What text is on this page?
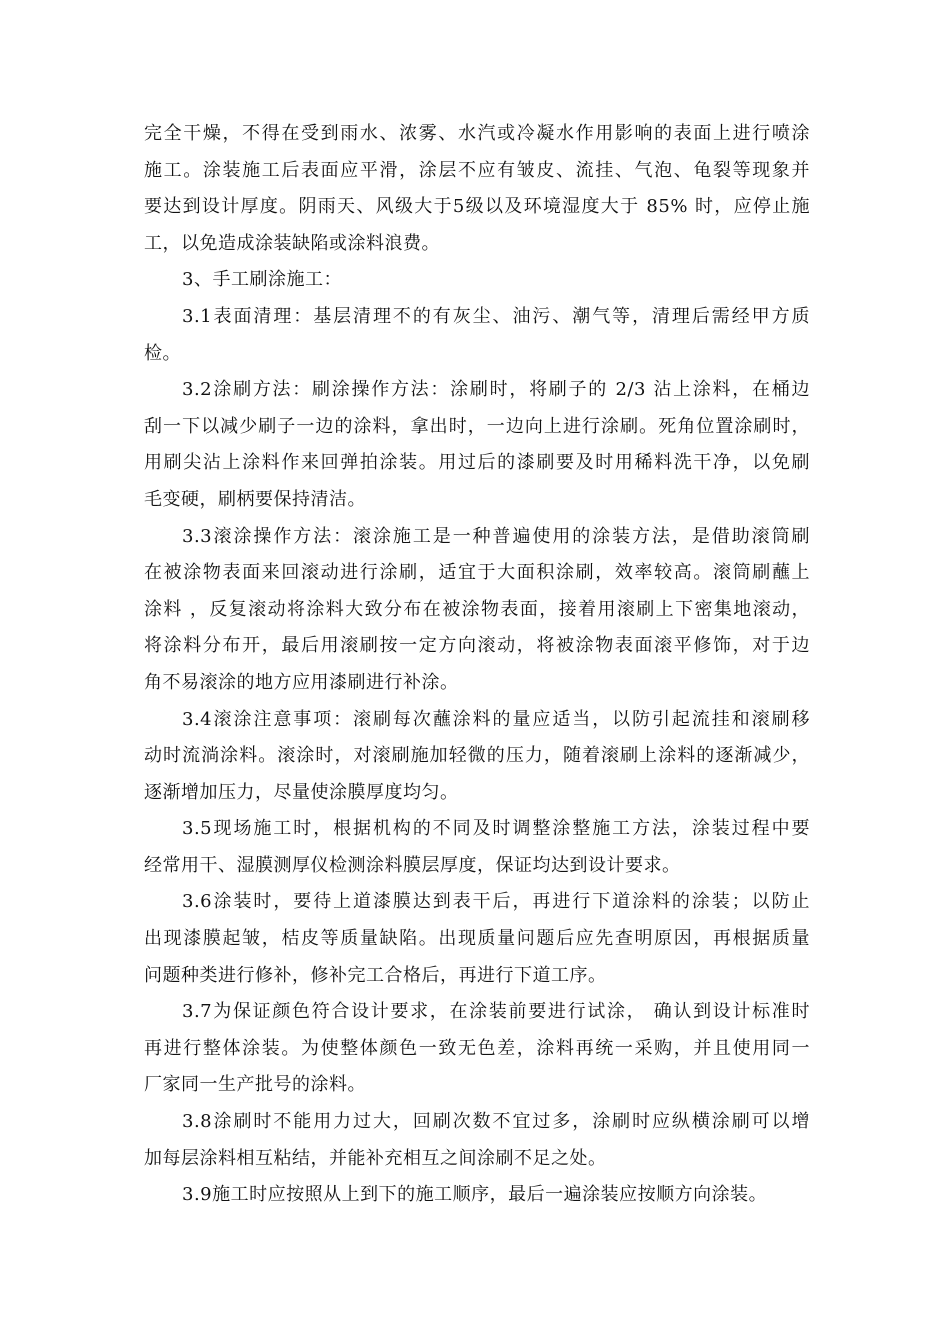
完全干燥，不得在受到雨水、浓雾、水汽或冷凝水作用影响的表面上进行喷涂
施工。涂装施工后表面应平滑，涂层不应有皱皮、流挂、气泡、龟裂等现象并
要达到设计厚度。阴雨天、风级大于5级以及环境湿度大于 85% 时，应停止施
工，以免造成涂装缺陷或涂料浪费。
3、手工刷涂施工：
3.1表面清理：基层清理不的有灰尘、油污、潮气等，清理后需经甲方质
检。
3.2涂刷方法：刷涂操作方法：涂刷时，将刷子的 2/3 沾上涂料，在桶边
刮一下以减少刷子一边的涂料，拿出时，一边向上进行涂刷。死角位置涂刷时，
用刷尖沾上涂料作来回弹拍涂装。用过后的漆刷要及时用稀料洗干净，以免刷
毛变硬，刷柄要保持清洁。
3.3滚涂操作方法：滚涂施工是一种普遍使用的涂装方法，是借助滚筒刷
在被涂物表面来回滚动进行涂刷，适宜于大面积涂刷，效率较高。滚筒刷蘸上
涂料 ，反复滚动将涂料大致分布在被涂物表面，接着用滚刷上下密集地滚动，
将涂料分布开，最后用滚刷按一定方向滚动，将被涂物表面滚平修饰，对于边
角不易滚涂的地方应用漆刷进行补涂。
3.4滚涂注意事项：滚刷每次蘸涂料的量应适当，以防引起流挂和滚刷移
动时流淌涂料。滚涂时，对滚刷施加轻微的压力，随着滚刷上涂料的逐渐减少，
逐渐增加压力，尽量使涂膜厚度均匀。
3.5现场施工时，根据机构的不同及时调整涂整施工方法，涂装过程中要
经常用干、湿膜测厚仪检测涂料膜层厚度，保证均达到设计要求。
3.6涂装时，要待上道漆膜达到表干后，再进行下道涂料的涂装；以防止
出现漆膜起皱，桔皮等质量缺陷。出现质量问题后应先查明原因，再根据质量
问题种类进行修补，修补完工合格后，再进行下道工序。
3.7为保证颜色符合设计要求，在涂装前要进行试涂， 确认到设计标准时
再进行整体涂装。为使整体颜色一致无色差，涂料再统一采购，并且使用同一
厂家同一生产批号的涂料。
3.8涂刷时不能用力过大，回刷次数不宜过多，涂刷时应纵横涂刷可以增
加每层涂料相互粘结，并能补充相互之间涂刷不足之处。
3.9施工时应按照从上到下的施工顺序，最后一遍涂装应按顺方向涂装。
